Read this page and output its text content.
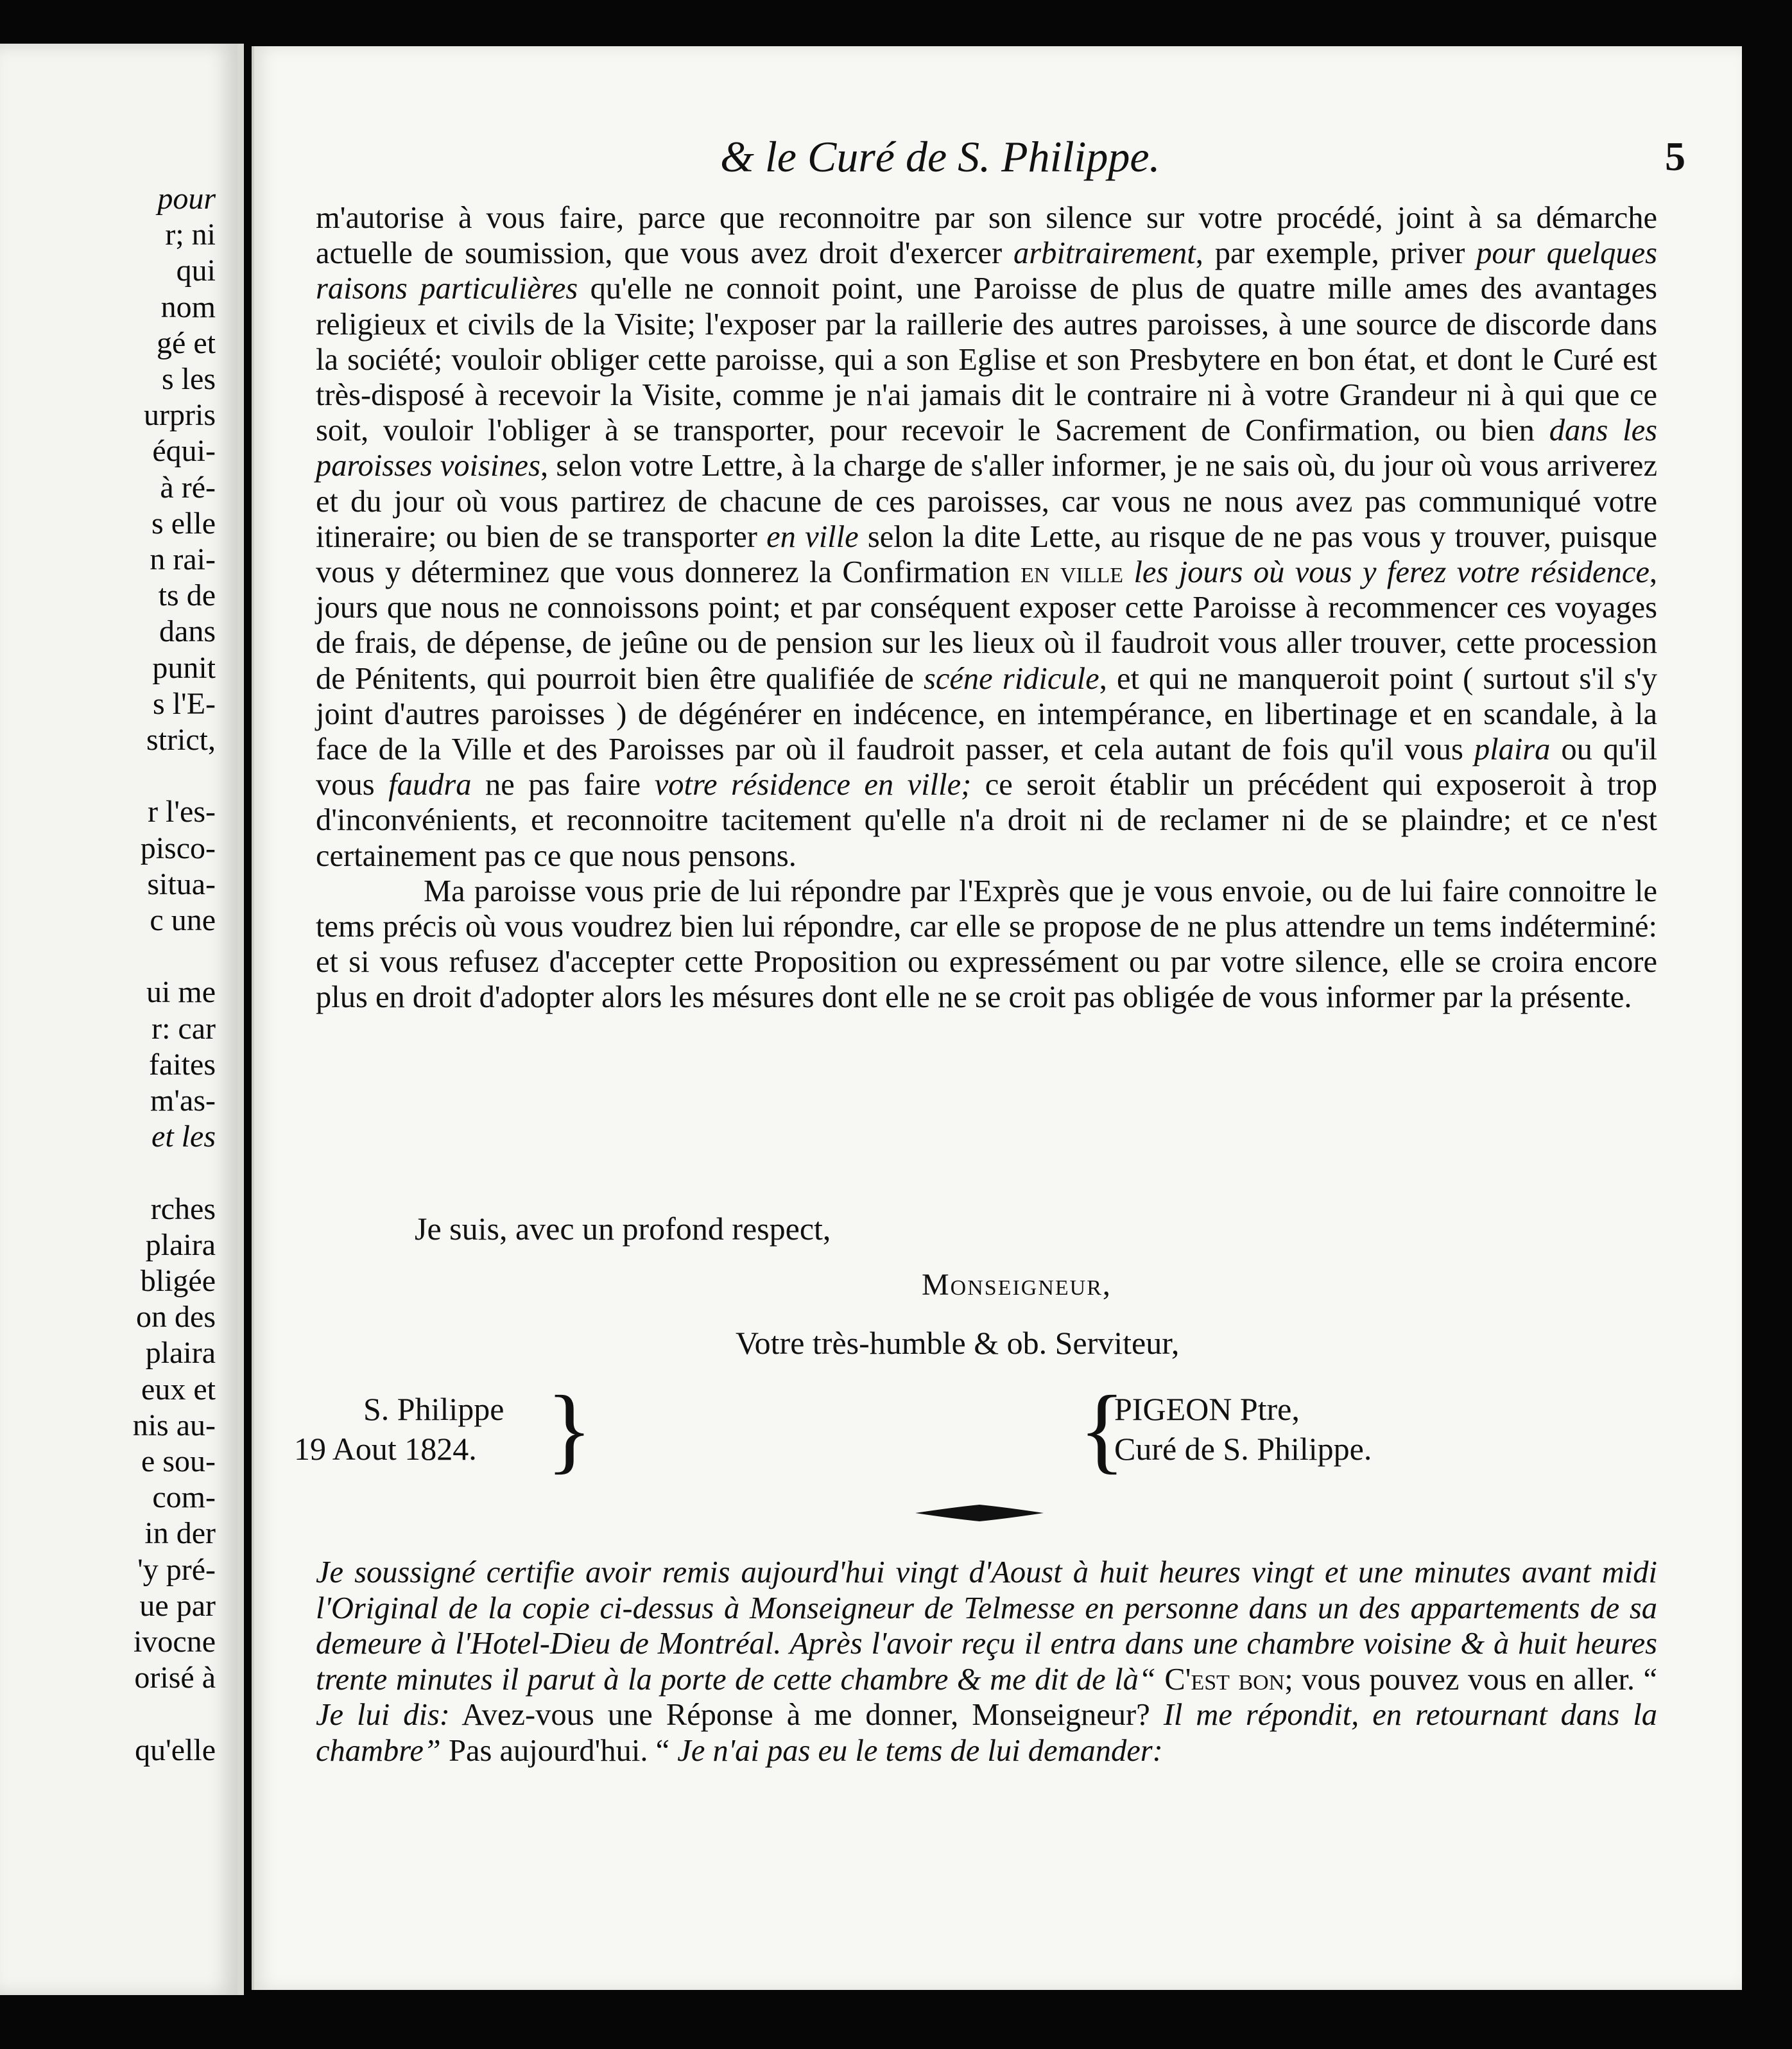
pour
r; ni
qui
nom
gé et
s les
urpris
équi-
à ré-
s elle
n rai-
ts de
dans
punit
s l'E-
strict,
r l'es-
pisco-
situa-
c une
ui me
r: car
faites
m'as-
et les
rches
plaira
bligée
on des
plaira
eux et
nis au-
e sou-
com-
in der
'y pré-
ue par
ivocne
orisé à
qu'elle
& le Curé de S. Philippe.	5

m'autorise à vous faire, parce que reconnoitre par son silence sur votre procédé, joint à sa démarche actuelle de soumission, que vous avez droit d'exercer arbitrairement, par exemple, priver pour quelques raisons particulières qu'elle ne connoit point, une Paroisse de plus de quatre mille ames des avantages religieux et civils de la Visite; l'exposer par la raillerie des autres paroisses, à une source de discorde dans la société; vouloir obliger cette paroisse, qui a son Eglise et son Presbytere en bon état, et dont le Curé est très-disposé à recevoir la Visite, comme je n'ai jamais dit le contraire ni à votre Grandeur ni à qui que ce soit, vouloir l'obliger à se transporter, pour recevoir le Sacrement de Confirmation, ou bien dans les paroisses voisines, selon votre Lettre, à la charge de s'aller informer, je ne sais où, du jour où vous arriverez et du jour où vous partirez de chacune de ces paroisses, car vous ne nous avez pas communiqué votre itineraire; ou bien de se transporter en ville selon la dite Lette, au risque de ne pas vous y trouver, puisque vous y déterminez que vous donnerez la Confirmation en ville les jours où vous y ferez votre résidence, jours que nous ne connoissons point; et par conséquent exposer cette Paroisse à recommencer ces voyages de frais, de dépense, de jeûne ou de pension sur les lieux où il faudroit vous aller trouver, cette procession de Pénitents, qui pourroit bien être qualifiée de scéne ridicule, et qui ne manqueroit point ( surtout s'il s'y joint d'autres paroisses ) de dégénérer en indécence, en intempérance, en libertinage et en scandale, à la face de la Ville et des Paroisses par où il faudroit passer, et cela autant de fois qu'il vous plaira ou qu'il vous faudra ne pas faire votre résidence en ville; ce seroit établir un précédent qui exposeroit à trop d'inconvénients, et reconnoitre tacitement qu'elle n'a droit ni de reclamer ni de se plaindre; et ce n'est certainement pas ce que nous pensons.

Ma paroisse vous prie de lui répondre par l'Exprès que je vous envoie, ou de lui faire connoitre le tems précis où vous voudrez bien lui répondre, car elle se propose de ne plus attendre un tems indéterminé: et si vous refusez d'accepter cette Proposition ou expressément ou par votre silence, elle se croira encore plus en droit d'adopter alors les mésures dont elle ne se croit pas obligée de vous informer par la présente.

Je suis, avec un profond respect,
Monseigneur,
Votre très-humble & ob. Serviteur,
S. Philippe
19 Aout 1824. }	{
PIGEON Ptre,
Curé de S. Philippe.
Je soussigné certifie avoir remis aujourd'hui vingt d'Aoust à huit heures vingt et une minutes avant midi l'Original de la copie ci-dessus à Monseigneur de Telmesse en personne dans un des appartements de sa demeure à l'Hotel-Dieu de Montréal. Après l'avoir reçu il entra dans une chambre voisine & à huit heures trente minutes il parut à la porte de cette chambre & me dit de là“ C'est bon; vous pouvez vous en aller. “ Je lui dis: Avez-vous une Réponse à me donner, Monseigneur? Il me répondit, en retournant dans la chambre” Pas aujourd'hui. “ Je n'ai pas eu le tems de lui demander:
